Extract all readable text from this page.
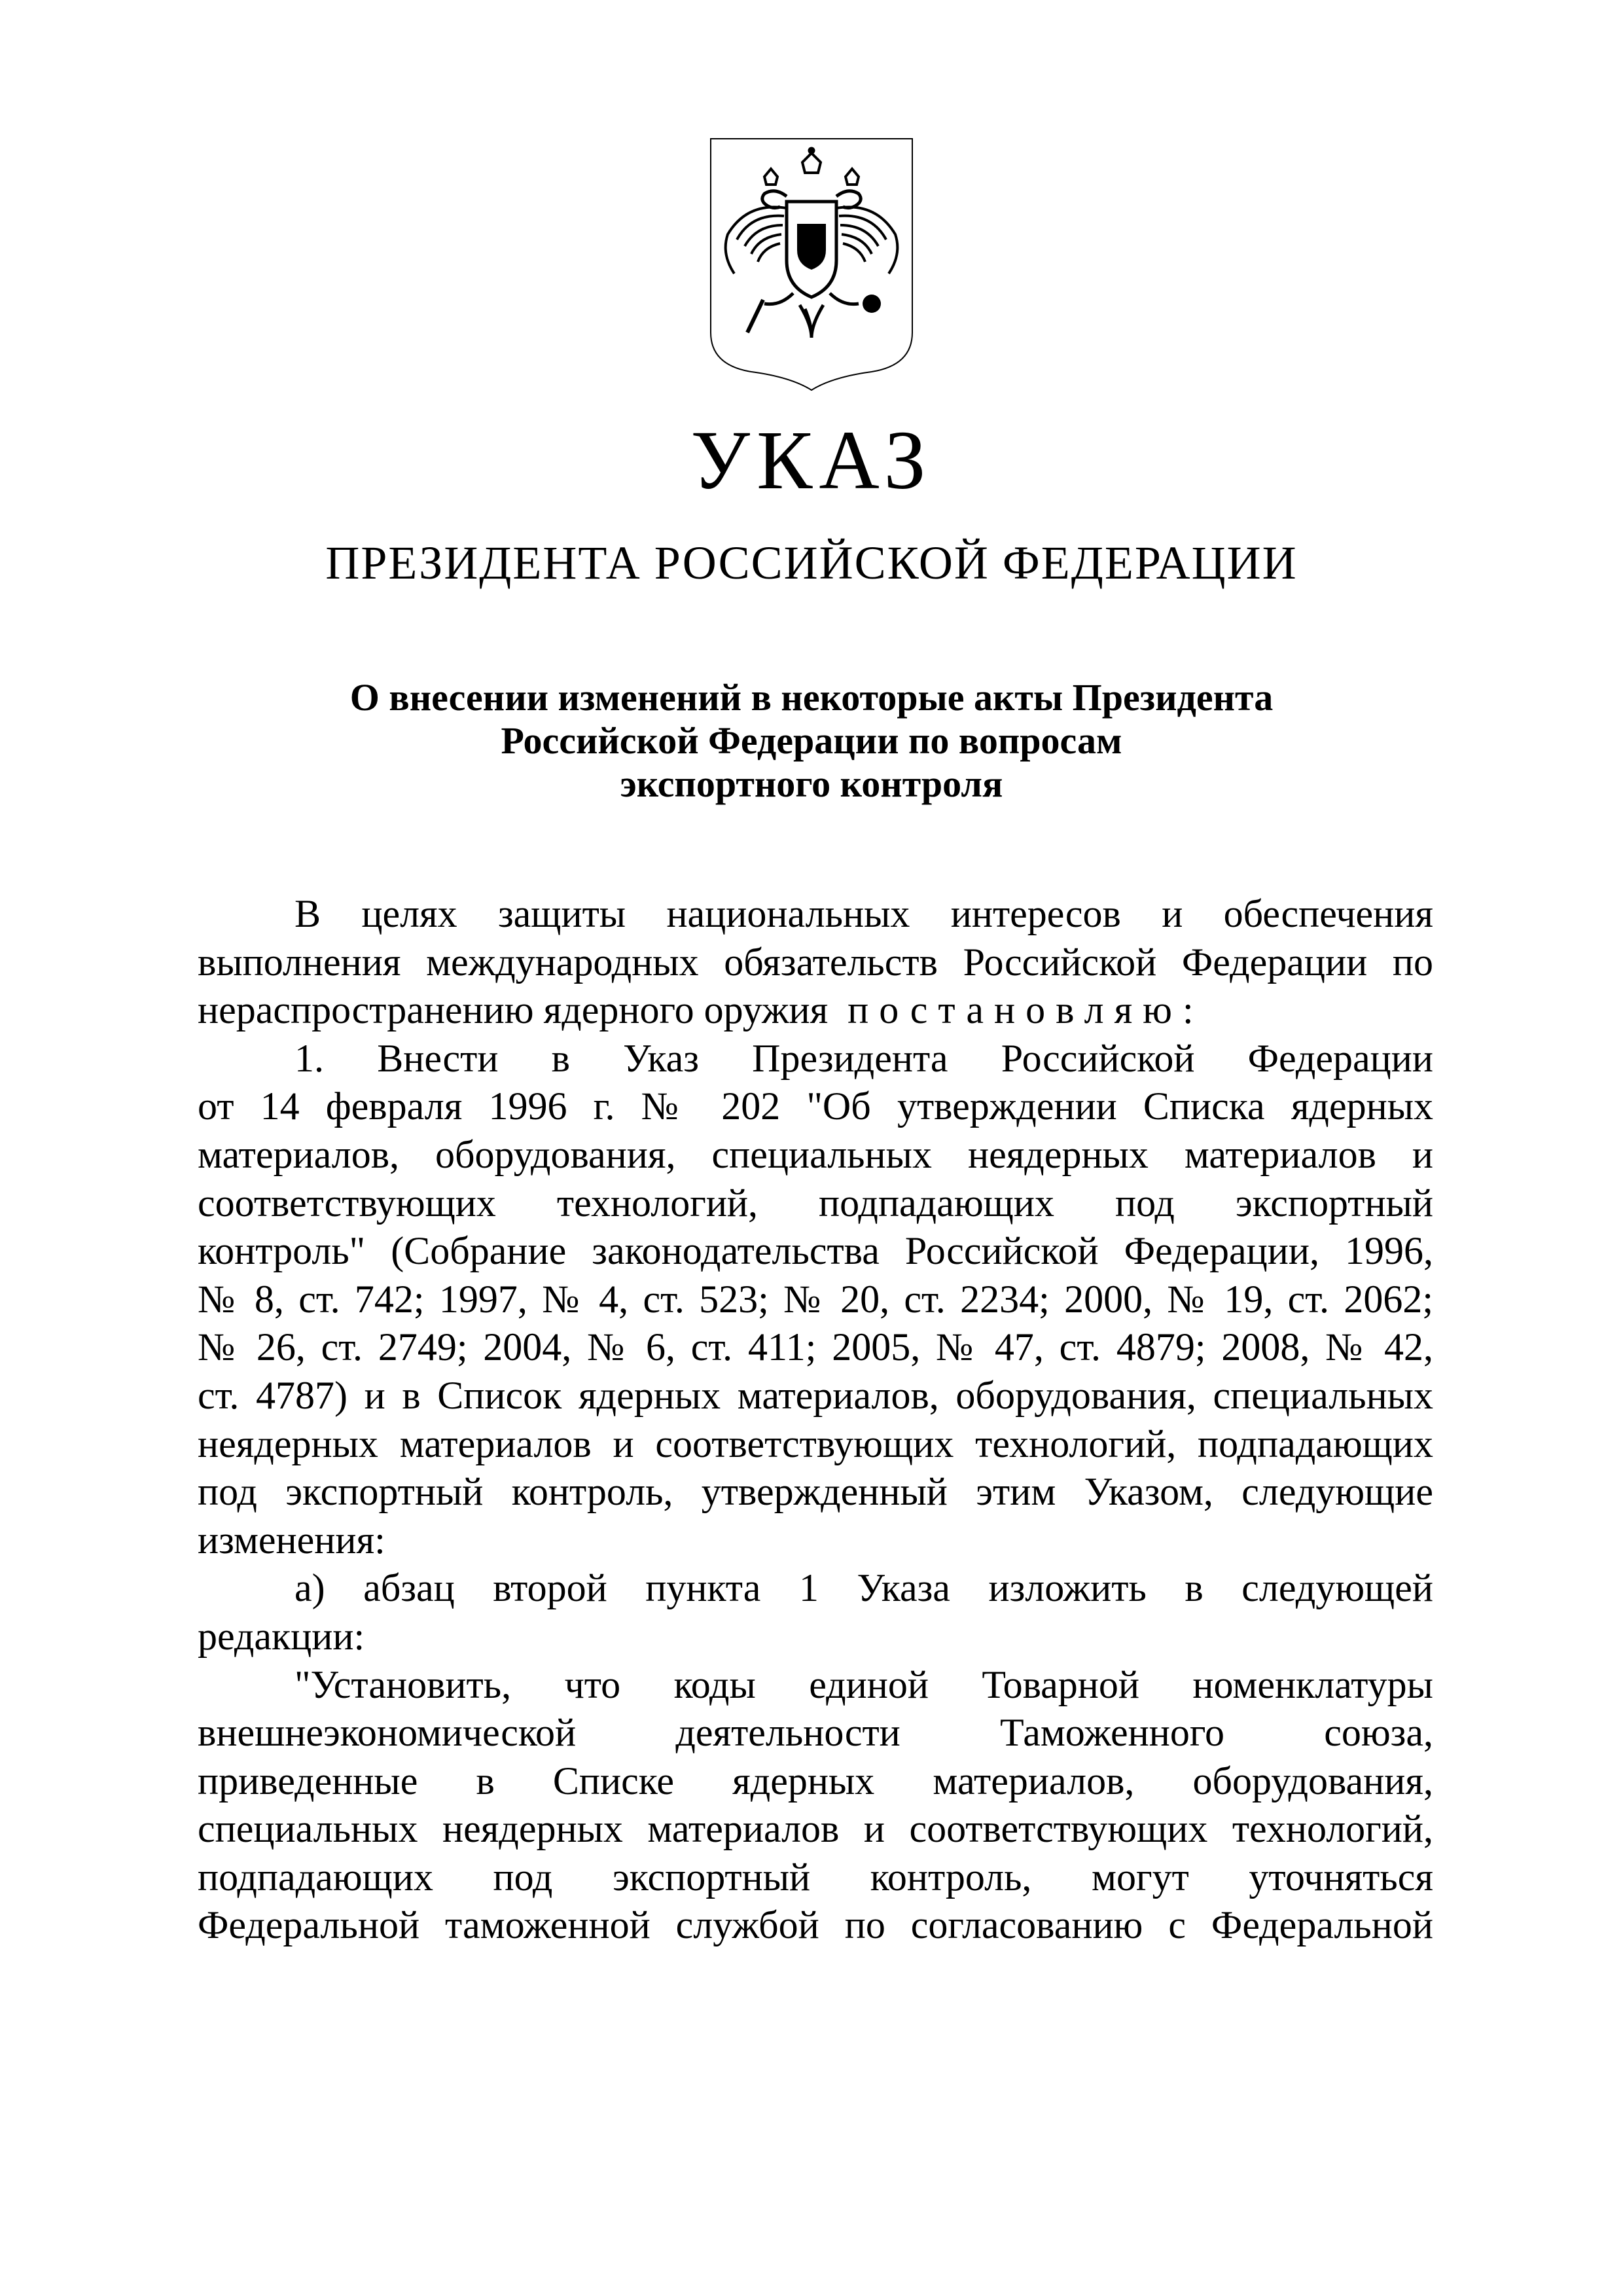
УКАЗ
ПРЕЗИДЕНТА РОССИЙСКОЙ ФЕДЕРАЦИИ
О внесении изменений в некоторые акты Президента
Российской Федерации по вопросам
экспортного контроля
В целях защиты национальных интересов и обеспечения
выполнения международных обязательств Российской Федерации по
нераспространению ядерного оружия постановляю:
1. Внести в Указ Президента Российской Федерации
от 14 февраля 1996 г. № 202 "Об утверждении Списка ядерных
материалов, оборудования, специальных неядерных материалов и
соответствующих технологий, подпадающих под экспортный
контроль" (Собрание законодательства Российской Федерации, 1996,
№ 8, ст. 742; 1997, № 4, ст. 523; № 20, ст. 2234; 2000, № 19, ст. 2062;
№ 26, ст. 2749; 2004, № 6, ст. 411; 2005, № 47, ст. 4879; 2008, № 42,
ст. 4787) и в Список ядерных материалов, оборудования, специальных
неядерных материалов и соответствующих технологий, подпадающих
под экспортный контроль, утвержденный этим Указом, следующие
изменения:
а) абзац второй пункта 1 Указа изложить в следующей
редакции:
"Установить, что коды единой Товарной номенклатуры
внешнеэкономической деятельности Таможенного союза,
приведенные в Списке ядерных материалов, оборудования,
специальных неядерных материалов и соответствующих технологий,
подпадающих под экспортный контроль, могут уточняться
Федеральной таможенной службой по согласованию с Федеральной
